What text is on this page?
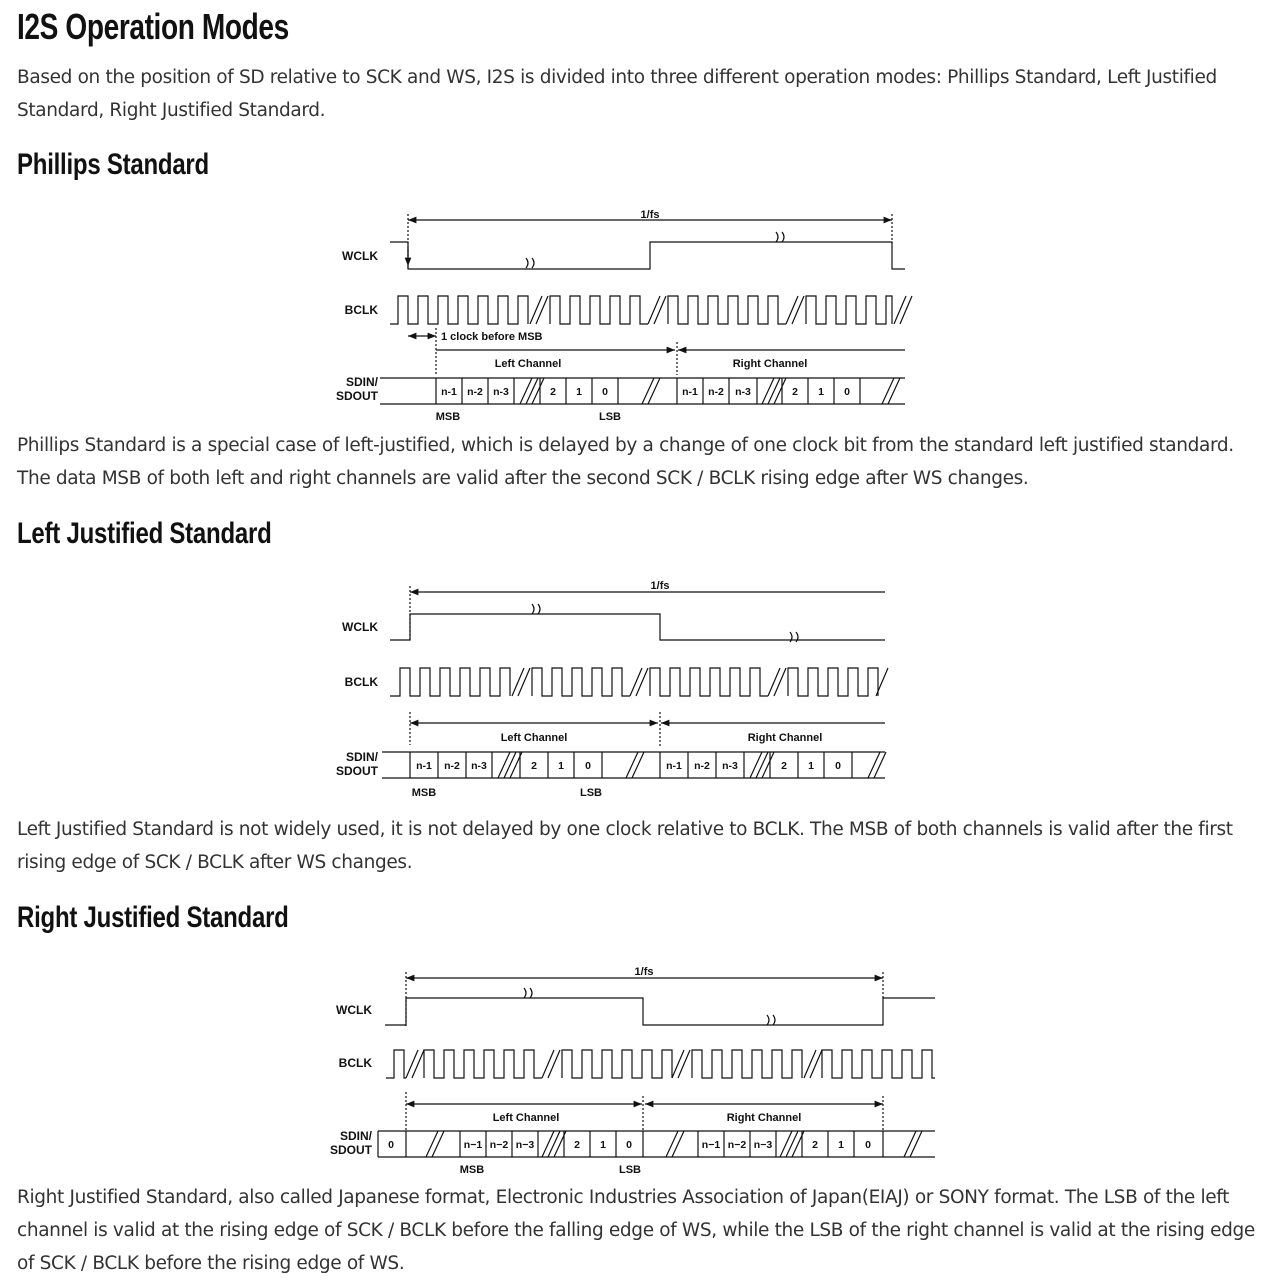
I2S Operation Modes

Based on the position of SD relative to SCK and WS, I2S is divided into three different operation modes: Phillips Standard, Left Justified Standard, Right Justified Standard.

Phillips Standard
1/fs
WCLK
BCLK
1 clock before MSB
Left Channel	Right Channel
SDIN/
SDOUT	n-1 n-2 n-3	2 1 0	n-1 n-2 n-3	2 1 0
MSB	LSB

Phillips Standard is a special case of left-justified, which is delayed by a change of one clock bit from the standard left justified standard. The data MSB of both left and right channels are valid after the second SCK / BCLK rising edge after WS changes.

Left Justified Standard
1/fs
WCLK
BCLK
Left Channel	Right Channel
SDIN/
SDOUT	n-1 n-2 n-3	2 1 0	n-1 n-2 n-3	2 1 0
MSB	LSB

Left Justified Standard is not widely used, it is not delayed by one clock relative to BCLK. The MSB of both channels is valid after the first rising edge of SCK / BCLK after WS changes.

Right Justified Standard
1/fs
WCLK
BCLK
Left Channel	Right Channel
SDIN/
SDOUT 0	n−1 n−2 n−3	2 1 0	n−1 n−2 n−3	2 1 0
MSB	LSB

Right Justified Standard, also called Japanese format, Electronic Industries Association of Japan(EIAJ) or SONY format. The LSB of the left channel is valid at the rising edge of SCK / BCLK before the falling edge of WS, while the LSB of the right channel is valid at the rising edge of SCK / BCLK before the rising edge of WS.
